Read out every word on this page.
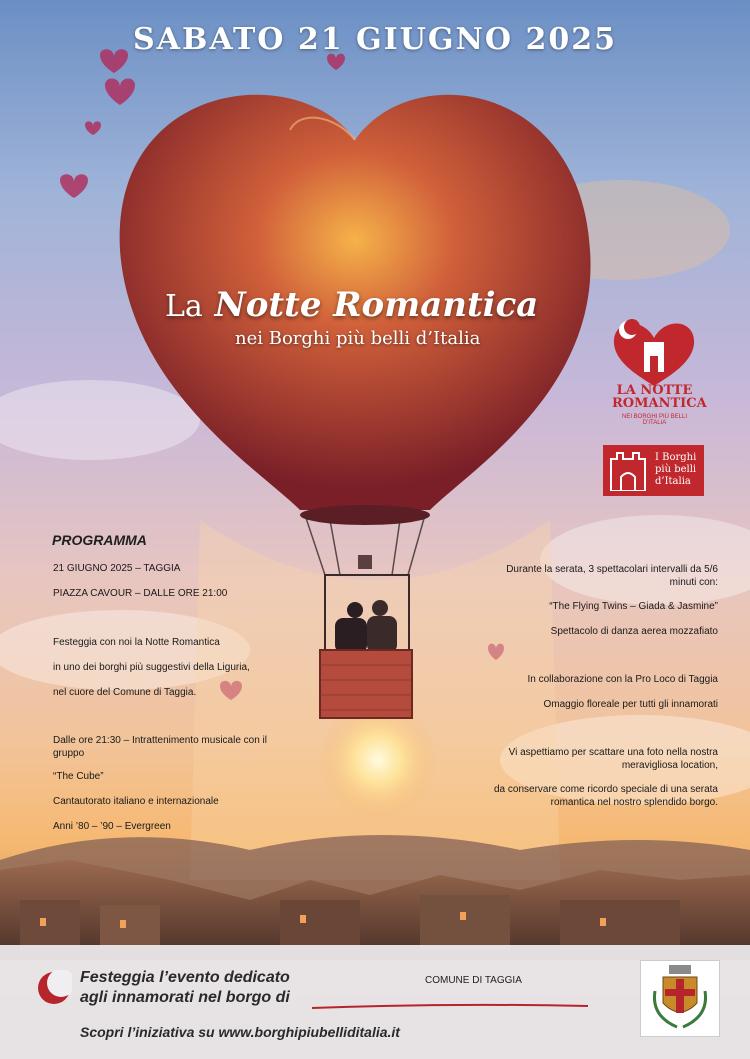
SABATO 21 GIUGNO 2025
La Notte Romantica
nei Borghi più belli d’Italia
LA NOTTE
ROMANTICA
NEI BORGHI PIÙ BELLI D’ITALIA
I Borghi
più belli
d’Italia
PROGRAMMA
21 GIUGNO 2025 – TAGGIA
PIAZZA CAVOUR – DALLE ORE 21:00
Festeggia con noi la Notte Romantica
in uno dei borghi più suggestivi della Liguria,
nel cuore del Comune di Taggia.
Dalle ore 21:30 – Intrattenimento musicale con il
gruppo
“The Cube”
Cantautorato italiano e internazionale
Anni ’80 – ’90 – Evergreen
Durante la serata, 3 spettacolari intervalli da 5/6
minuti con:
“The Flying Twins – Giada & Jasmine”
Spettacolo di danza aerea mozzafiato
In collaborazione con la Pro Loco di Taggia
Omaggio floreale per tutti gli innamorati
Vi aspettiamo per scattare una foto nella nostra
meravigliosa location,
da conservare come ricordo speciale di una serata
romantica nel nostro splendido borgo.
Festeggia l’evento dedicato
agli innamorati nel borgo di
COMUNE DI TAGGIA
Scopri l’iniziativa su www.borghipiubelliditalia.it
